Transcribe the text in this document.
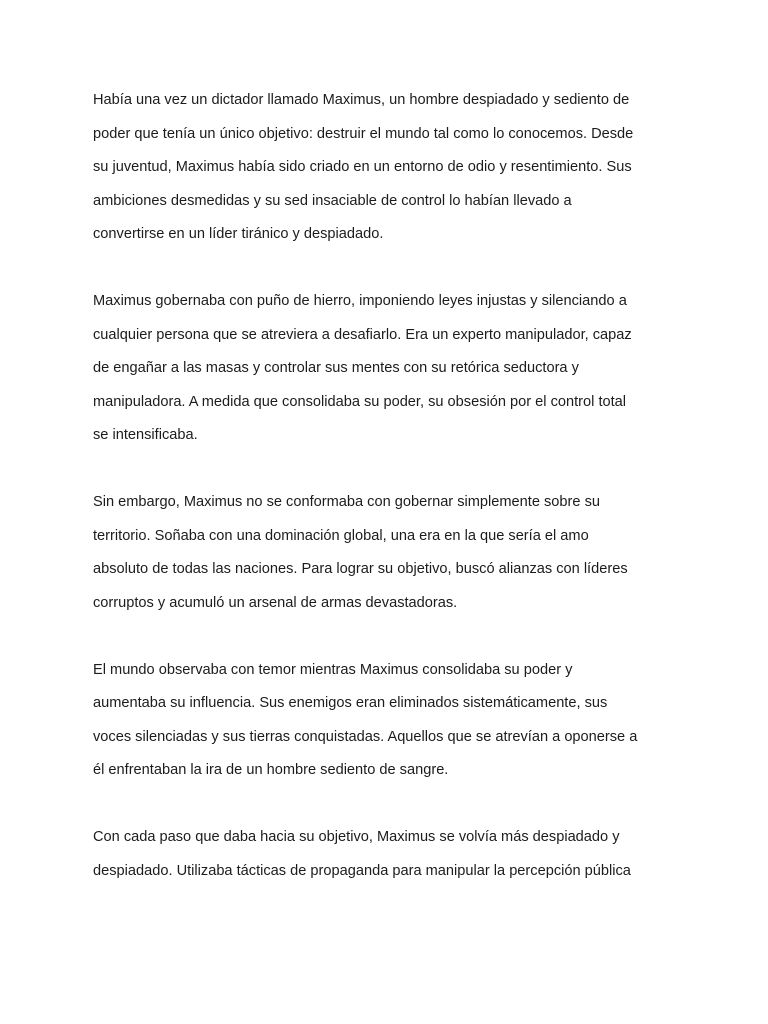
Había una vez un dictador llamado Maximus, un hombre despiadado y sediento de
poder que tenía un único objetivo: destruir el mundo tal como lo conocemos. Desde
su juventud, Maximus había sido criado en un entorno de odio y resentimiento. Sus
ambiciones desmedidas y su sed insaciable de control lo habían llevado a
convertirse en un líder tiránico y despiadado.

Maximus gobernaba con puño de hierro, imponiendo leyes injustas y silenciando a
cualquier persona que se atreviera a desafiarlo. Era un experto manipulador, capaz
de engañar a las masas y controlar sus mentes con su retórica seductora y
manipuladora. A medida que consolidaba su poder, su obsesión por el control total
se intensificaba.

Sin embargo, Maximus no se conformaba con gobernar simplemente sobre su
territorio. Soñaba con una dominación global, una era en la que sería el amo
absoluto de todas las naciones. Para lograr su objetivo, buscó alianzas con líderes
corruptos y acumuló un arsenal de armas devastadoras.

El mundo observaba con temor mientras Maximus consolidaba su poder y
aumentaba su influencia. Sus enemigos eran eliminados sistemáticamente, sus
voces silenciadas y sus tierras conquistadas. Aquellos que se atrevían a oponerse a
él enfrentaban la ira de un hombre sediento de sangre.

Con cada paso que daba hacia su objetivo, Maximus se volvía más despiadado y
despiadado. Utilizaba tácticas de propaganda para manipular la percepción pública
